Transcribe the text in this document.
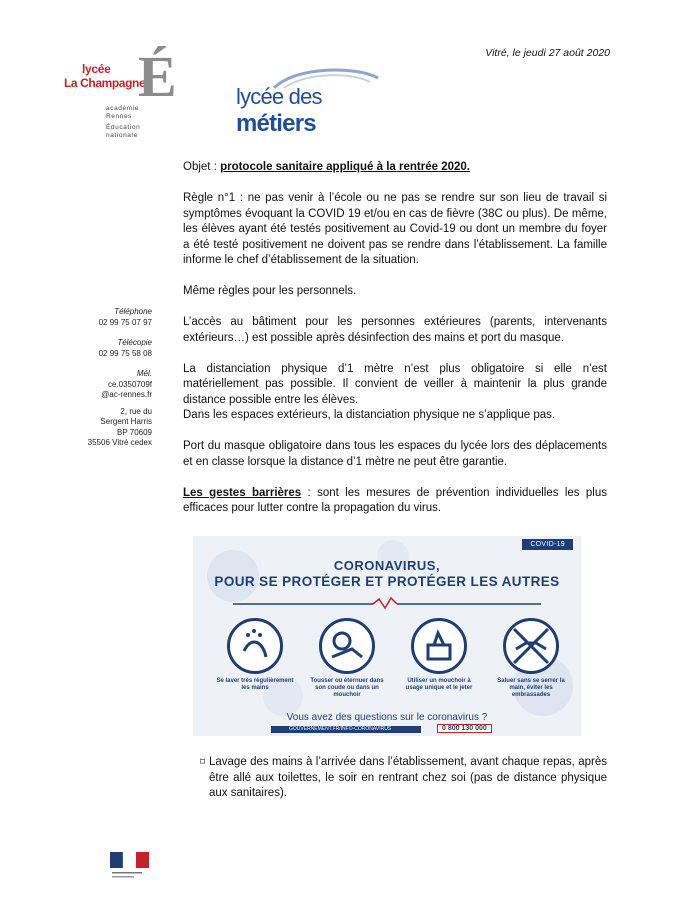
lycée
La Champagne
É
académie
Rennes
Éducation
nationale
lycée des métiers
Vitré, le jeudi 27 août 2020
Téléphone
02 99 75 07 97
Télécopie
02 99 75 58 08
Mél.
ce.0350709f
@ac-rennes.fr
2, rue du
Sergent Harris
BP 70609
35506 Vitré cedex

Objet : protocole sanitaire appliqué à la rentrée 2020.

Règle n°1 : ne pas venir à l’école ou ne pas se rendre sur son lieu de travail si symptômes évoquant la COVID 19 et/ou en cas de fièvre (38C ou plus). De même, les élèves ayant été testés positivement au Covid-19 ou dont un membre du foyer a été testé positivement ne doivent pas se rendre dans l’établissement. La famille informe le chef d’établissement de la situation.

Même règles pour les personnels.

L’accès au bâtiment pour les personnes extérieures (parents, intervenants extérieurs…) est possible après désinfection des mains et port du masque.

La distanciation physique d’1 mètre n’est plus obligatoire si elle n’est matériellement pas possible. Il convient de veiller à maintenir la plus grande distance possible entre les élèves.

Dans les espaces extérieurs, la distanciation physique ne s’applique pas.

Port du masque obligatoire dans tous les espaces du lycée lors des déplacements et en classe lorsque la distance d’1 mètre ne peut être garantie.

Les gestes barrières : sont les mesures de prévention individuelles les plus efficaces pour lutter contre la propagation du virus.

COVID-19
CORONAVIRUS,
POUR SE PROTÉGER ET PROTÉGER LES AUTRES
Se laver très régulièrement les mains
Tousser ou éternuer dans son coude ou dans un mouchoir
Utiliser un mouchoir à usage unique et le jeter
Saluer sans se serrer la main, éviter les embrassades
Vous avez des questions sur le coronavirus ?
GOUVERNEMENT.FR/INFO-CORONAVIRUS	0 800 130 000
⌑ Lavage des mains à l’arrivée dans l’établissement, avant chaque repas, après être allé aux toilettes, le soir en rentrant chez soi (pas de distance physique aux sanitaires).
